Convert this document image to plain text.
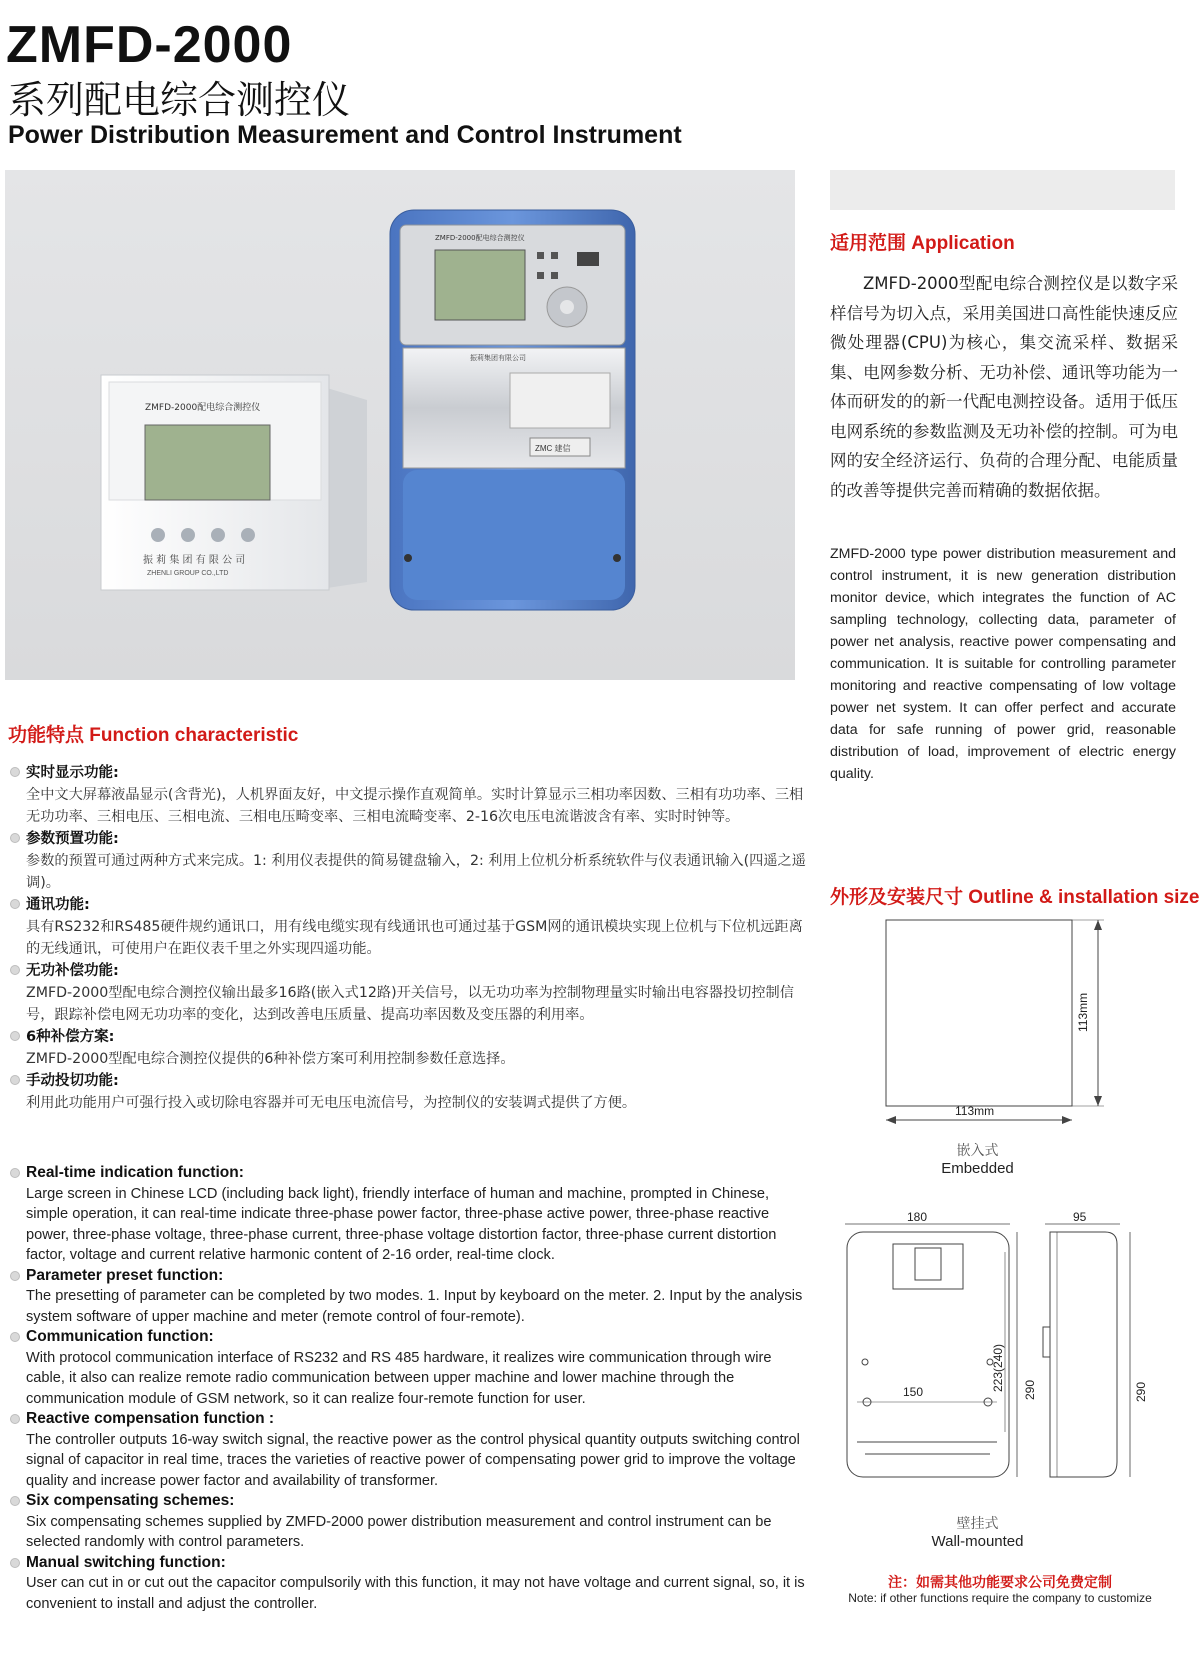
ZMFD-2000
系列配电综合测控仪
Power Distribution Measurement and Control Instrument
ZMFD-2000配电综合测控仪
振 莉 集 团 有 限 公 司
ZHENLI GROUP CO.,LTD
ZMFD-2000配电综合测控仪
振莉集团有限公司
ZMC 建信
适用范围 Application
ZMFD-2000型配电综合测控仪是以数字采样信号为切入点，采用美国进口高性能快速反应微处理器(CPU)为核心，集交流采样、数据采集、电网参数分析、无功补偿、通讯等功能为一体而研发的的新一代配电测控设备。适用于低压电网系统的参数监测及无功补偿的控制。可为电网的安全经济运行、负荷的合理分配、电能质量的改善等提供完善而精确的数据依据。
ZMFD-2000 type power distribution measurement and control instrument, it is new generation distribution monitor device, which integrates the function of AC sampling technology, collecting data, parameter of power net analysis, reactive power compensating and communication. It is suitable for controlling parameter monitoring and reactive compensating of low voltage power net system. It can offer perfect and accurate data for safe running of power grid, reasonable distribution of load, improvement of electric energy quality.
外形及安装尺寸 Outline & installation size
113mm
113mm
嵌入式
Embedded
180
150	290
223(240)
95
290
壁挂式
Wall-mounted
注：如需其他功能要求公司免费定制
Note: if other functions require the company to customize
功能特点 Function characteristic
实时显示功能:
全中文大屏幕液晶显示(含背光)，人机界面友好，中文提示操作直观简单。实时计算显示三相功率因数、三相有功功率、三相无功功率、三相电压、三相电流、三相电压畸变率、三相电流畸变率、2-16次电压电流谐波含有率、实时时钟等。
参数预置功能:
参数的预置可通过两种方式来完成。1: 利用仪表提供的简易键盘输入，2: 利用上位机分析系统软件与仪表通讯输入(四遥之遥调)。
通讯功能:
具有RS232和RS485硬件规约通讯口，用有线电缆实现有线通讯也可通过基于GSM网的通讯模块实现上位机与下位机远距离的无线通讯，可使用户在距仪表千里之外实现四遥功能。
无功补偿功能:
ZMFD-2000型配电综合测控仪输出最多16路(嵌入式12路)开关信号，以无功功率为控制物理量实时输出电容器投切控制信号，跟踪补偿电网无功功率的变化，达到改善电压质量、提高功率因数及变压器的利用率。
6种补偿方案:
ZMFD-2000型配电综合测控仪提供的6种补偿方案可利用控制参数任意选择。
手动投切功能:
利用此功能用户可强行投入或切除电容器并可无电压电流信号，为控制仪的安装调式提供了方便。
Real-time indication function:
Large screen in Chinese LCD (including back light), friendly interface of human and machine, prompted in Chinese, simple operation, it can real-time indicate three-phase power factor, three-phase active power, three-phase reactive power, three-phase voltage, three-phase current, three-phase voltage distortion factor, three-phase current distortion factor, voltage and current relative harmonic content of 2-16 order, real-time clock.
Parameter preset function:
The presetting of parameter can be completed by two modes. 1. Input by keyboard on the meter. 2. Input by the analysis system software of upper machine and meter (remote control of four-remote).
Communication function:
With protocol communication interface of RS232 and RS 485 hardware, it realizes wire communication through wire cable, it also can realize remote radio communication between upper machine and lower machine through the communication module of GSM network, so it can realize four-remote function for user.
Reactive compensation function :
The controller outputs 16-way switch signal, the reactive power as the control physical quantity outputs switching control signal of capacitor in real time, traces the varieties of reactive power of compensating power grid to improve the voltage quality and increase power factor and availability of transformer.
Six compensating schemes:
Six compensating schemes supplied by ZMFD-2000 power distribution measurement and control instrument can be selected randomly with control parameters.
Manual switching function:
User can cut in or cut out the capacitor compulsorily with this function, it may not have voltage and current signal, so, it is convenient to install and adjust the controller.
